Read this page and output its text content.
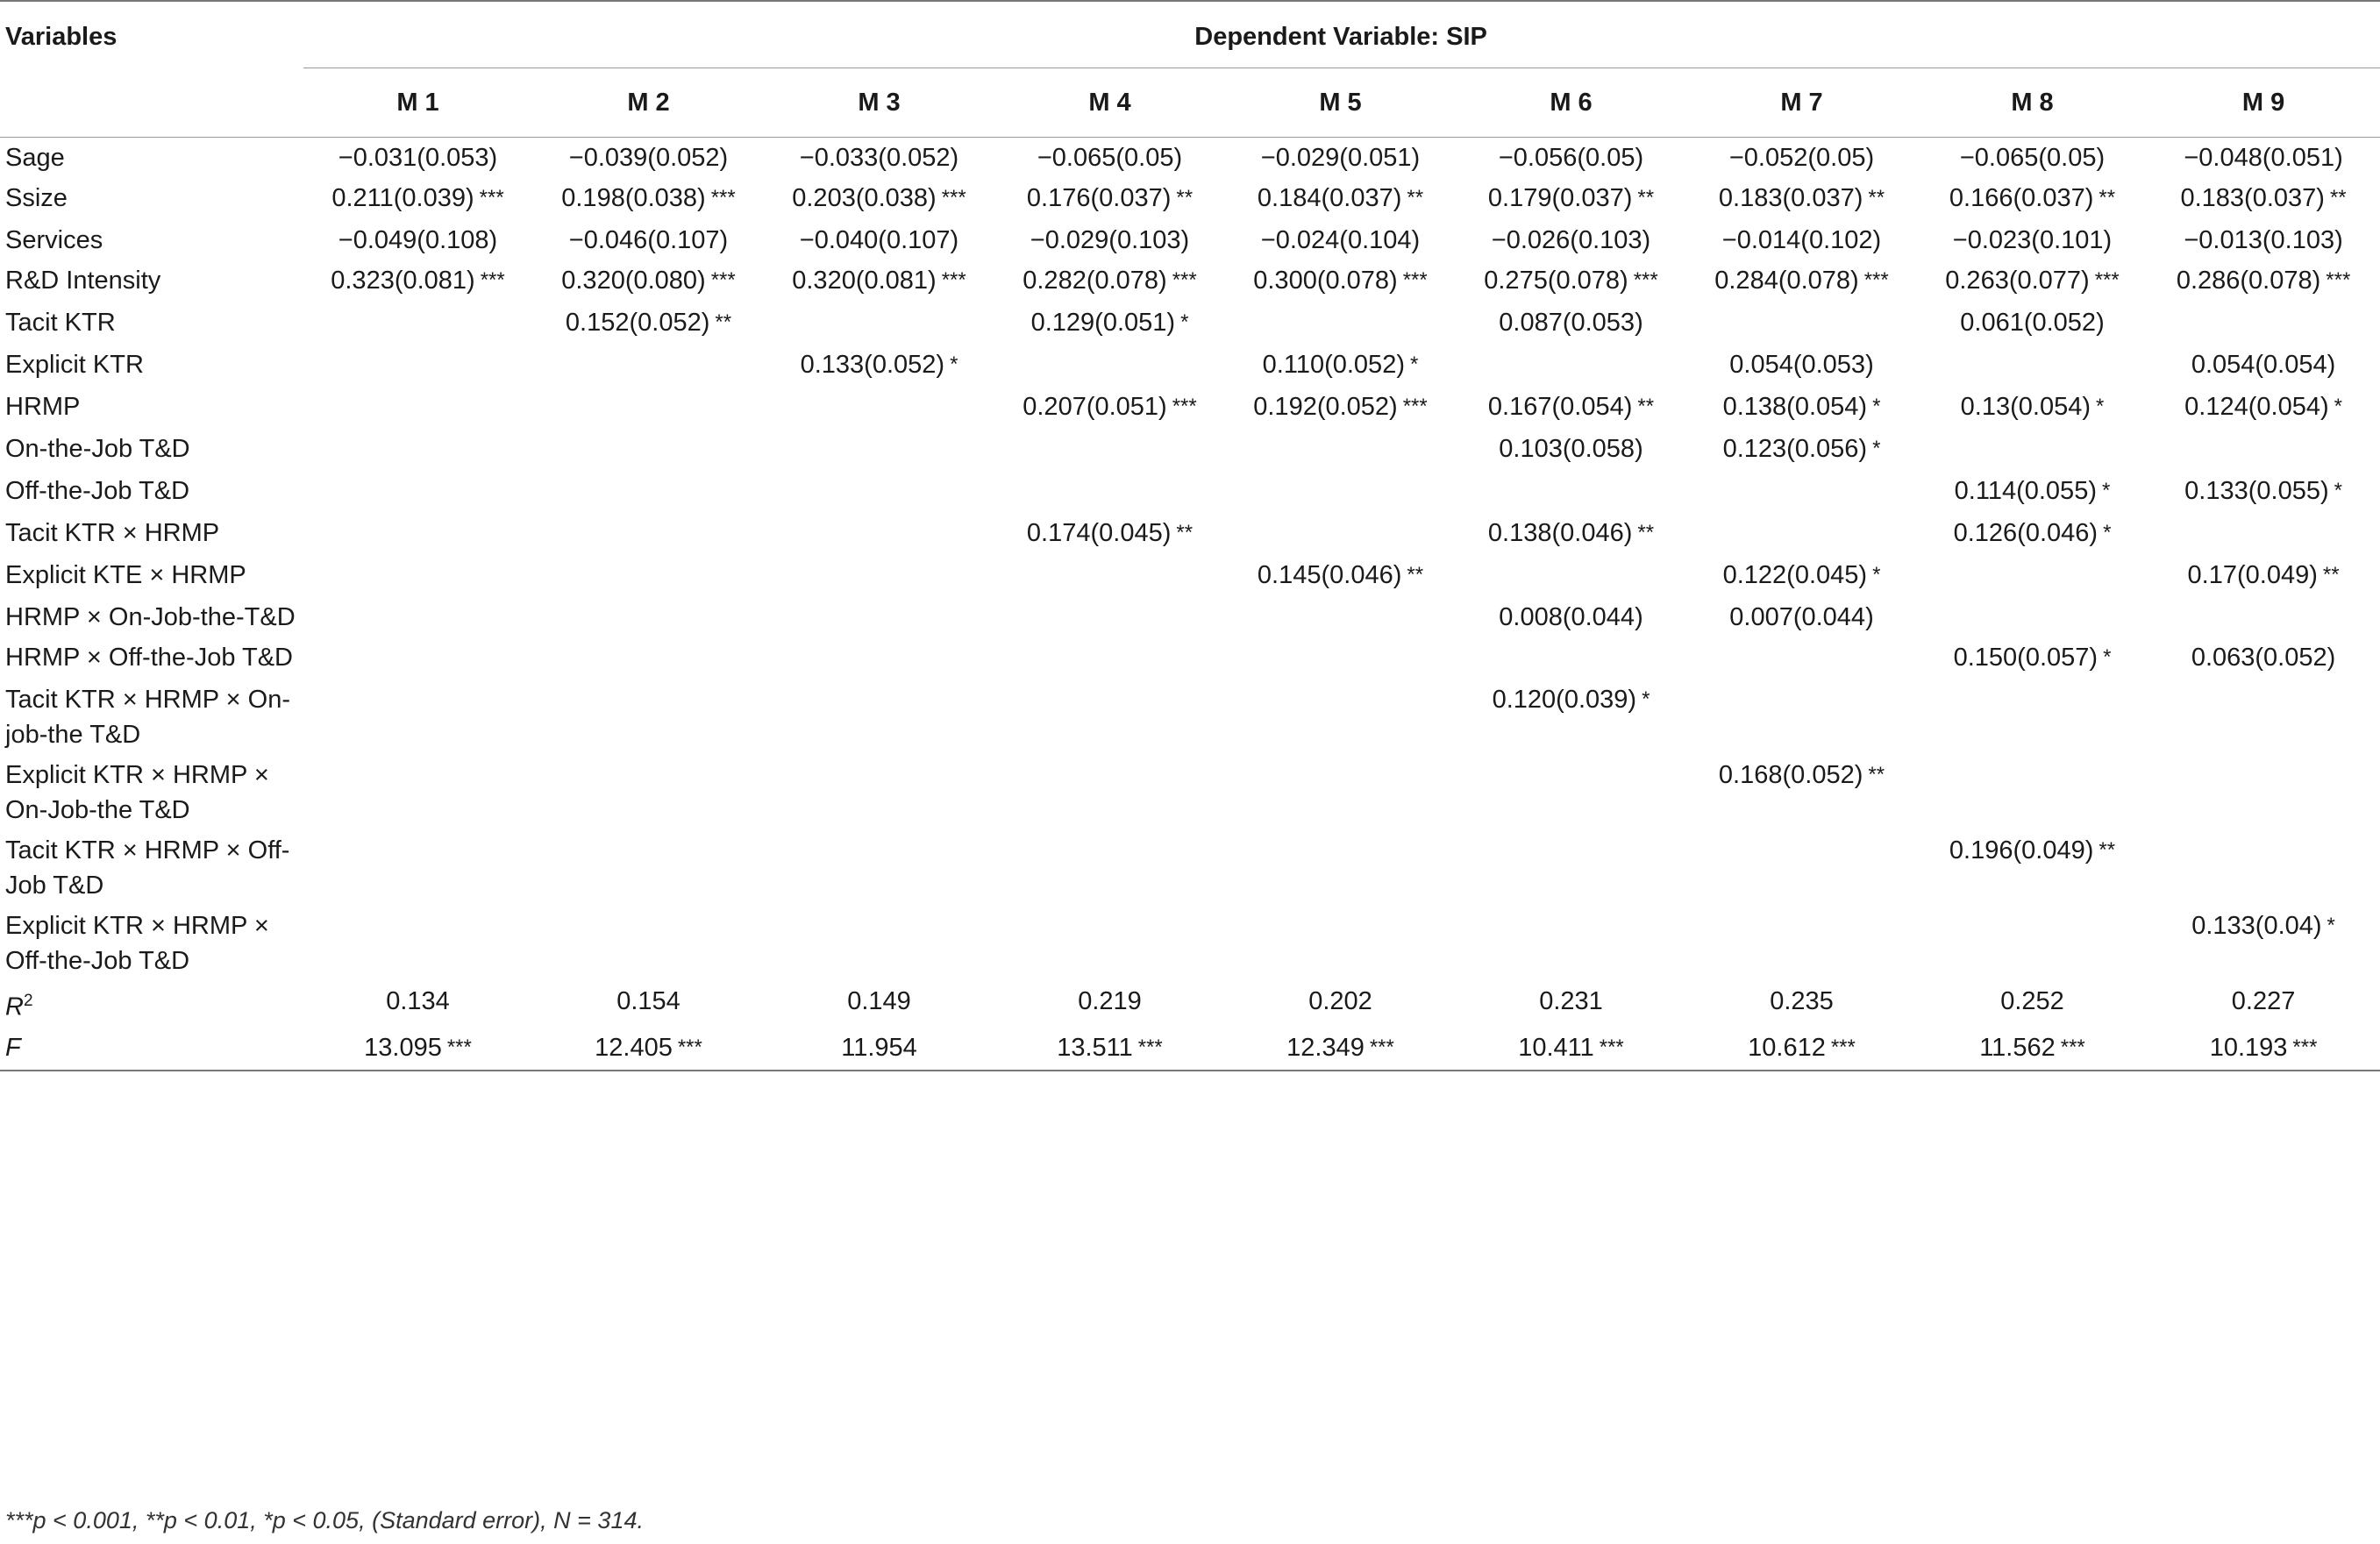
Variables	Dependent Variable: SIP								
	M 1	M 2	M 3	M 4	M 5	M 6	M 7	M 8	M 9
Sage	−0.031(0.053)	−0.039(0.052)	−0.033(0.052)	−0.065(0.05)	−0.029(0.051)	−0.056(0.05)	−0.052(0.05)	−0.065(0.05)	−0.048(0.051)
Ssize	0.211(0.039) ***	0.198(0.038) ***	0.203(0.038) ***	0.176(0.037) **	0.184(0.037) **	0.179(0.037) **	0.183(0.037) **	0.166(0.037) **	0.183(0.037) **
Services	−0.049(0.108)	−0.046(0.107)	−0.040(0.107)	−0.029(0.103)	−0.024(0.104)	−0.026(0.103)	−0.014(0.102)	−0.023(0.101)	−0.013(0.103)
R&D Intensity	0.323(0.081) ***	0.320(0.080) ***	0.320(0.081) ***	0.282(0.078) ***	0.300(0.078) ***	0.275(0.078) ***	0.284(0.078) ***	0.263(0.077) ***	0.286(0.078) ***
Tacit KTR		0.152(0.052) **		0.129(0.051) *		0.087(0.053)		0.061(0.052)	
Explicit KTR			0.133(0.052) *		0.110(0.052) *		0.054(0.053)		0.054(0.054)
HRMP				0.207(0.051) ***	0.192(0.052) ***	0.167(0.054) **	0.138(0.054) *	0.13(0.054) *	0.124(0.054) *
On-the-Job T&D						0.103(0.058)	0.123(0.056) *		
Off-the-Job T&D								0.114(0.055) *	0.133(0.055) *
Tacit KTR × HRMP				0.174(0.045) **		0.138(0.046) **		0.126(0.046) *	
Explicit KTE × HRMP					0.145(0.046) **		0.122(0.045) *		0.17(0.049) **
HRMP × On-Job-the-T&D						0.008(0.044)	0.007(0.044)		
HRMP × Off-the-Job T&D								0.150(0.057) *	0.063(0.052)
Tacit KTR × HRMP × On-job-the T&D						0.120(0.039) *			
Explicit KTR × HRMP × On-Job-the T&D							0.168(0.052) **		
Tacit KTR × HRMP × Off-Job T&D								0.196(0.049) **	
Explicit KTR × HRMP × Off-the-Job T&D									0.133(0.04) *
$R^2$	0.134	0.154	0.149	0.219	0.202	0.231	0.235	0.252	0.227
F	13.095 ***	12.405 ***	11.954	13.511 ***	12.349 ***	10.411 ***	10.612 ***	11.562 ***	10.193 ***
***p < 0.001, **p < 0.01, *p < 0.05, (Standard error), N = 314.
